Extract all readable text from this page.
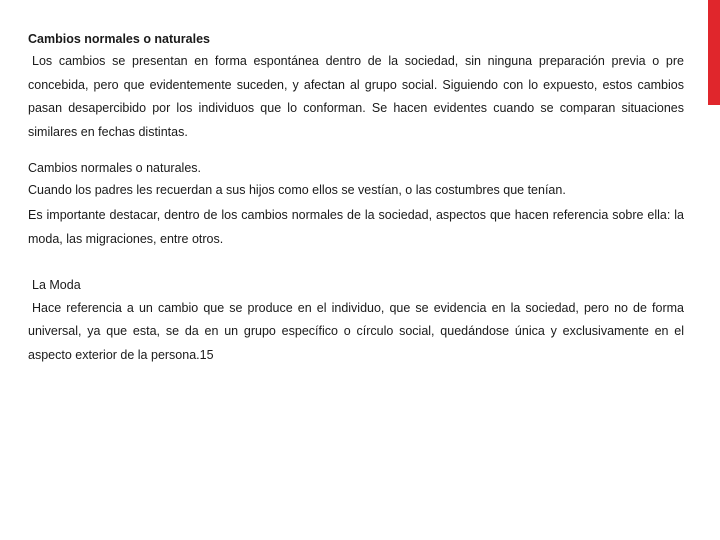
Cambios normales o naturales

Los cambios se presentan en forma espontánea dentro de la sociedad, sin ninguna preparación previa o pre concebida, pero que evidentemente suceden, y afectan al grupo social. Siguiendo con lo expuesto, estos cambios pasan desapercibido por los individuos que lo conforman. Se hacen evidentes cuando se comparan situaciones similares en fechas distintas.

Cambios normales o naturales.

Cuando los padres les recuerdan a sus hijos como ellos se vestían, o las costumbres que tenían.

Es importante destacar, dentro de los cambios normales de la sociedad, aspectos que hacen referencia sobre ella: la moda, las migraciones, entre otros.

La Moda

Hace referencia a un cambio que se produce en el individuo, que se evidencia en la sociedad, pero no de forma universal, ya que esta, se da en un grupo específico o círculo social, quedándose única y exclusivamente en el aspecto exterior de la persona.15
